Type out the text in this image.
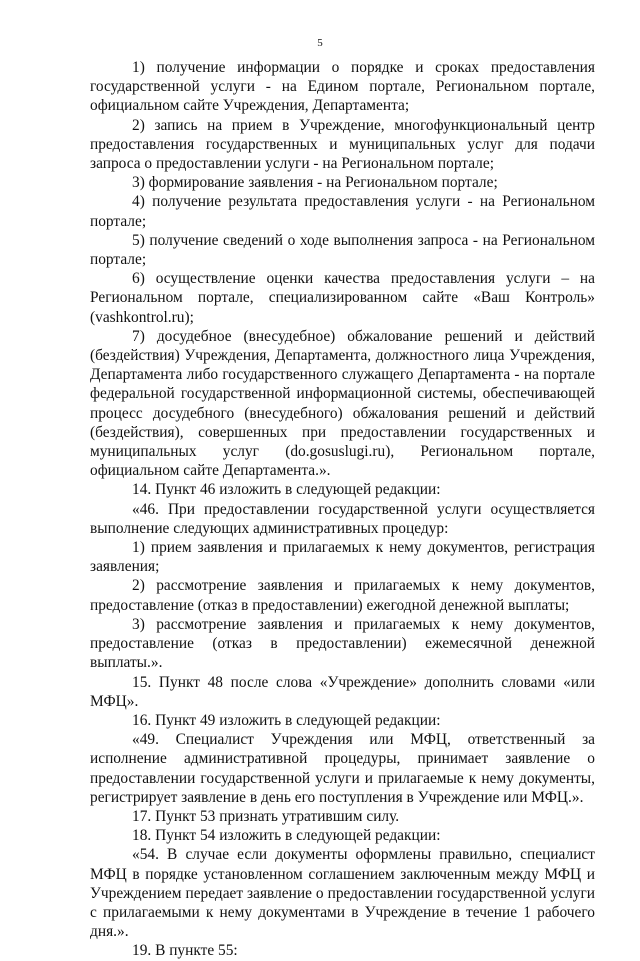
5

1) получение информации о порядке и сроках предоставления государственной услуги - на Едином портале, Региональном портале, официальном сайте Учреждения, Департамента;

2) запись на прием в Учреждение, многофункциональный центр предоставления государственных и муниципальных услуг для подачи запроса о предоставлении услуги - на Региональном портале;

3) формирование заявления - на Региональном портале;

4) получение результата предоставления услуги - на Региональном портале;

5) получение сведений о ходе выполнения запроса - на Региональном портале;

6) осуществление оценки качества предоставления услуги – на Региональном портале, специализированном сайте «Ваш Контроль» (vashkontrol.ru);

7) досудебное (внесудебное) обжалование решений и действий (бездействия) Учреждения, Департамента, должностного лица Учреждения, Департамента либо государственного служащего Департамента - на портале федеральной государственной информационной системы, обеспечивающей процесс досудебного (внесудебного) обжалования решений и действий (бездействия), совершенных при предоставлении государственных и муниципальных услуг (do.gosuslugi.ru), Региональном портале, официальном сайте Департамента.».

14. Пункт 46 изложить в следующей редакции:

«46. При предоставлении государственной услуги осуществляется выполнение следующих административных процедур:

1) прием заявления и прилагаемых к нему документов, регистрация заявления;

2) рассмотрение заявления и прилагаемых к нему документов, предоставление (отказ в предоставлении) ежегодной денежной выплаты;

3) рассмотрение заявления и прилагаемых к нему документов, предоставление (отказ в предоставлении) ежемесячной денежной выплаты.».

15. Пункт 48 после слова «Учреждение» дополнить словами «или МФЦ».

16. Пункт 49 изложить в следующей редакции:

«49. Специалист Учреждения или МФЦ, ответственный за исполнение административной процедуры, принимает заявление о предоставлении государственной услуги и прилагаемые к нему документы, регистрирует заявление в день его поступления в Учреждение или МФЦ.».

17. Пункт 53 признать утратившим силу.

18. Пункт 54 изложить в следующей редакции:

«54. В случае если документы оформлены правильно, специалист МФЦ в порядке установленном соглашением заключенным между МФЦ и Учреждением передает заявление о предоставлении государственной услуги с прилагаемыми к нему документами в Учреждение в течение 1 рабочего дня.».

19. В пункте 55:
